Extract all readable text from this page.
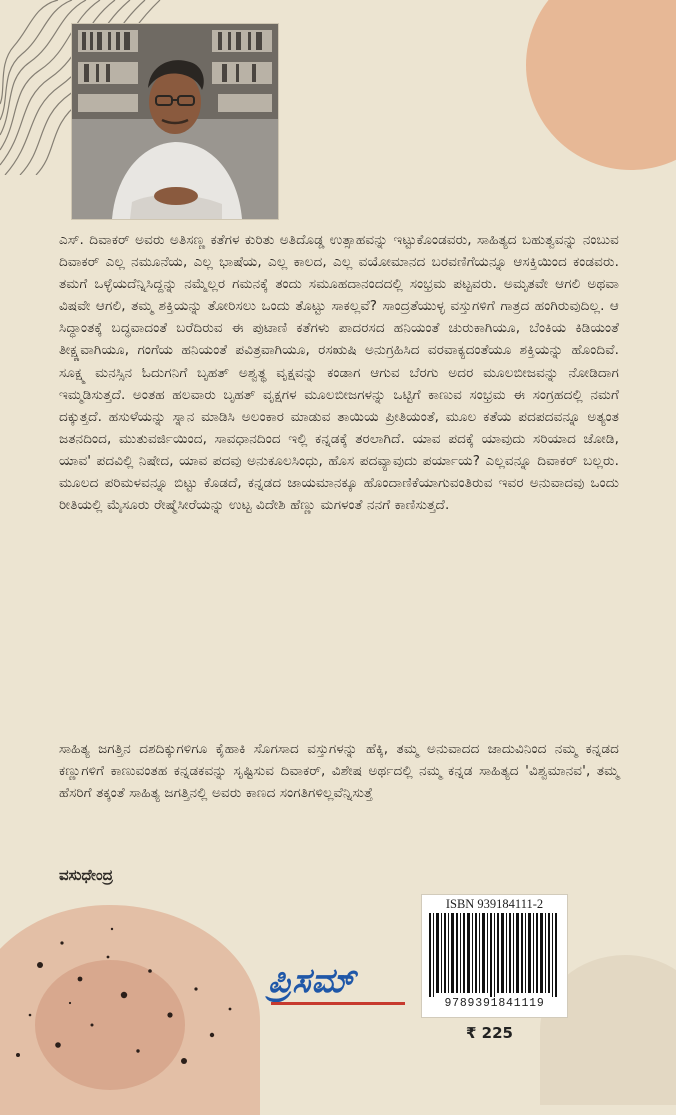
ಎಸ್. ದಿವಾಕರ್ ಅವರು ಅತಿಸಣ್ಣ ಕತೆಗಳ ಕುರಿತು ಅತಿದೊಡ್ಡ ಉತ್ಸಾಹವನ್ನು ಇಟ್ಟುಕೊಂಡವರು, ಸಾಹಿತ್ಯದ ಬಹುತ್ವವನ್ನು ನಂಬುವ ದಿವಾಕರ್ ಎಲ್ಲ ನಮೂನೆಯ, ಎಲ್ಲ ಭಾಷೆಯ, ಎಲ್ಲ ಕಾಲದ, ಎಲ್ಲ ವಯೋಮಾನದ ಬರವಣಿಗೆಯನ್ನೂ ಆಸಕ್ತಿಯಿಂದ ಕಂಡವರು. ತಮಗೆ ಒಳ್ಳೆಯದೆನ್ನಿಸಿದ್ದನ್ನು ನಮ್ಮೆಲ್ಲರ ಗಮನಕ್ಕೆ ತಂದು ಸಮೂಹದಾನಂದದಲ್ಲಿ ಸಂಭ್ರಮ ಪಟ್ಟವರು. ಅಮೃತವೇ ಆಗಲಿ ಅಥವಾ ವಿಷವೇ ಆಗಲಿ, ತಮ್ಮ ಶಕ್ತಿಯನ್ನು ತೋರಿಸಲು ಒಂದು ತೊಟ್ಟು ಸಾಕಲ್ಲವೆ? ಸಾಂದ್ರತೆಯುಳ್ಳ ವಸ್ತುಗಳಿಗೆ ಗಾತ್ರದ ಹಂಗಿರುವುದಿಲ್ಲ. ಆ ಸಿದ್ಧಾಂತಕ್ಕೆ ಬದ್ಧವಾದಂತೆ ಬರೆದಿರುವ ಈ ಪುಟಾಣಿ ಕತೆಗಳು ಪಾದರಸದ ಹನಿಯಂತೆ ಚುರುಕಾಗಿಯೂ, ಬೆಂಕಿಯ ಕಿಡಿಯಂತೆ ತೀಕ್ಷ್ಣವಾಗಿಯೂ, ಗಂಗೆಯ ಹನಿಯಂತೆ ಪವಿತ್ರವಾಗಿಯೂ, ರಸಋಷಿ ಅನುಗ್ರಹಿಸಿದ ವರವಾಕ್ಯದಂತೆಯೂ ಶಕ್ತಿಯನ್ನು ಹೊಂದಿವೆ. ಸೂಕ್ಷ್ಮ ಮನಸ್ಸಿನ ಓದುಗನಿಗೆ ಬೃಹತ್ ಅಶ್ವತ್ಥ ವೃಕ್ಷವನ್ನು ಕಂಡಾಗ ಆಗುವ ಬೆರಗು ಅದರ ಮೂಲಬೀಜವನ್ನು ನೋಡಿದಾಗ ಇಮ್ಮಡಿಸುತ್ತದೆ. ಅಂತಹ ಹಲವಾರು ಬೃಹತ್ ವೃಕ್ಷಗಳ ಮೂಲಬೀಜಗಳನ್ನು ಒಟ್ಟಿಗೆ ಕಾಣುವ ಸಂಭ್ರಮ ಈ ಸಂಗ್ರಹದಲ್ಲಿ ನಮಗೆ ದಕ್ಕುತ್ತದೆ. ಹಸುಳೆಯನ್ನು ಸ್ನಾನ ಮಾಡಿಸಿ ಅಲಂಕಾರ ಮಾಡುವ ತಾಯಿಯ ಪ್ರೀತಿಯಂತೆ, ಮೂಲ ಕತೆಯ ಪದಪದವನ್ನೂ ಅತ್ಯಂತ ಜತನದಿಂದ, ಮುತುವರ್ಜಿಯಿಂದ, ಸಾವಧಾನದಿಂದ ಇಲ್ಲಿ ಕನ್ನಡಕ್ಕೆ ತರಲಾಗಿದೆ. ಯಾವ ಪದಕ್ಕೆ ಯಾವುದು ಸರಿಯಾದ ಜೋಡಿ, ಯಾವ' ಪದವಿಲ್ಲಿ ನಿಷೇದ, ಯಾವ ಪದವು ಅನುಕೂಲಸಿಂಧು, ಹೊಸ ಪದವ್ಯಾವುದು ಪರ್ಯಾಯ? ಎಲ್ಲವನ್ನೂ ದಿವಾಕರ್ ಬಲ್ಲರು. ಮೂಲದ ಪರಿಮಳವನ್ನೂ ಬಿಟ್ಟು ಕೊಡದೆ, ಕನ್ನಡದ ಜಾಯಮಾನಕ್ಕೂ ಹೊಂದಾಣಿಕೆಯಾಗುವಂತಿರುವ ಇವರ ಅನುವಾದವು ಒಂದು ರೀತಿಯಲ್ಲಿ ಮೈಸೂರು ರೇಷ್ಮೆಸೀರೆಯನ್ನು ಉಟ್ಟ ವಿದೇಶಿ ಹೆಣ್ಣು ಮಗಳಂತೆ ನನಗೆ ಕಾಣಿಸುತ್ತದೆ.

ಸಾಹಿತ್ಯ ಜಗತ್ತಿನ ದಶದಿಕ್ಕುಗಳಿಗೂ ಕೈಹಾಕಿ ಸೊಗಸಾದ ವಸ್ತುಗಳನ್ನು ಹೆಕ್ಕಿ, ತಮ್ಮ ಅನುವಾದದ ಜಾದುವಿನಿಂದ ನಮ್ಮ ಕನ್ನಡದ ಕಣ್ಣುಗಳಿಗೆ ಕಾಣುವಂತಹ ಕನ್ನಡಕವನ್ನು ಸೃಷ್ಟಿಸುವ ದಿವಾಕರ್, ವಿಶೇಷ ಅರ್ಥದಲ್ಲಿ ನಮ್ಮ ಕನ್ನಡ ಸಾಹಿತ್ಯದ 'ವಿಶ್ವಮಾನವ', ತಮ್ಮ ಹೆಸರಿಗೆ ತಕ್ಕಂತೆ ಸಾಹಿತ್ಯ ಜಗತ್ತಿನಲ್ಲಿ ಅವರು ಕಾಣದ ಸಂಗತಿಗಳಿಲ್ಲವೆನ್ನಿಸುತ್ತೆ

ವಸುಧೇಂದ್ರ
ಪ್ರಿಸಮ್
ISBN 939184111-2
9789391841119
₹ 225
